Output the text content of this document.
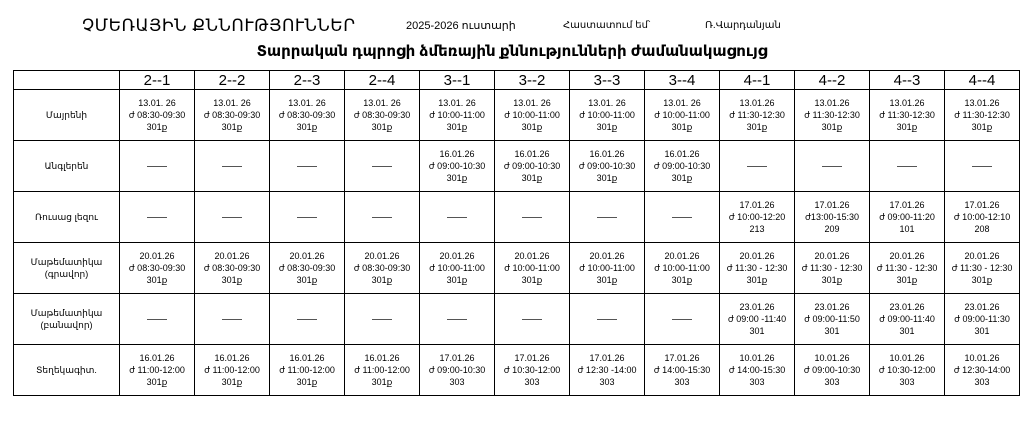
ՉՄԵՌԱՅԻՆ ՔՆՆՈՒԹՅՈՒՆՆԵՐ	2025-2026 ուստարի	Հաստատում եմ՝	Ռ.Վարդանյան
Տարրական դպրոցի ձմեռային քննությունների ժամանակացույց
	2--1	2--2	2--3	2--4	3--1	3--2	3--3	3--4	4--1	4--2	4--3	4--4
Մայրենի	13.01. 26
ժ 08:30-09:30
301ք	13.01. 26
ժ 08:30-09:30
301ք	13.01. 26
ժ 08:30-09:30
301ք	13.01. 26
ժ 08:30-09:30
301ք	13.01. 26
ժ 10:00-11:00
301ք	13.01. 26
ժ 10:00-11:00
301ք	13.01. 26
ժ 10:00-11:00
301ք	13.01. 26
ժ 10:00-11:00
301ք	13.01.26
ժ 11:30-12:30
301ք	13.01.26
ժ 11:30-12:30
301ք	13.01.26
ժ 11:30-12:30
301ք	13.01.26
ժ 11:30-12:30
301ք

Անգլերեն					16.01.26
ժ 09:00-10:30
301ք	16.01.26
ժ 09:00-10:30
301ք	16.01.26
ժ 09:00-10:30
301ք	16.01.26
ժ 09:00-10:30
301ք				

Ռուսաց լեզու									17.01.26
ժ 10:00-12:20
213	17.01.26
ժ13:00-15:30
209	17.01.26
ժ 09:00-11:20
101	17.01.26
ժ 10:00-12:10
208

Մաթեմատիկա (գրավոր)	20.01.26
ժ 08:30-09:30
301ք	20.01.26
ժ 08:30-09:30
301ք	20.01.26
ժ 08:30-09:30
301ք	20.01.26
ժ 08:30-09:30
301ք	20.01.26
ժ 10:00-11:00
301ք	20.01.26
ժ 10:00-11:00
301ք	20.01.26
ժ 10:00-11:00
301ք	20.01.26
ժ 10:00-11:00
301ք	20.01.26
ժ 11:30 - 12:30
301ք	20.01.26
ժ 11:30 - 12:30
301ք	20.01.26
ժ 11:30 - 12:30
301ք	20.01.26
ժ 11:30 - 12:30
301ք

Մաթեմատիկա (բանավոր)									23.01.26
ժ 09:00 -11:40
301	23.01.26
ժ 09:00-11:50
301	23.01.26
ժ 09:00-11:40
301	23.01.26
ժ 09:00-11:30
301

Տեղեկագիտ.	16.01.26
ժ 11:00-12:00
301ք	16.01.26
ժ 11:00-12:00
301ք	16.01.26
ժ 11:00-12:00
301ք	16.01.26
ժ 11:00-12:00
301ք	17.01.26
ժ 09:00-10:30
303	17.01.26
ժ 10:30-12:00
303	17.01.26
ժ 12:30 -14:00
303	17.01.26
ժ 14:00-15:30
303	10.01.26
ժ 14:00-15:30
303	10.01.26
ժ 09:00-10:30
303	10.01.26
ժ 10:30-12:00
303	10.01.26
ժ 12:30-14:00
303
